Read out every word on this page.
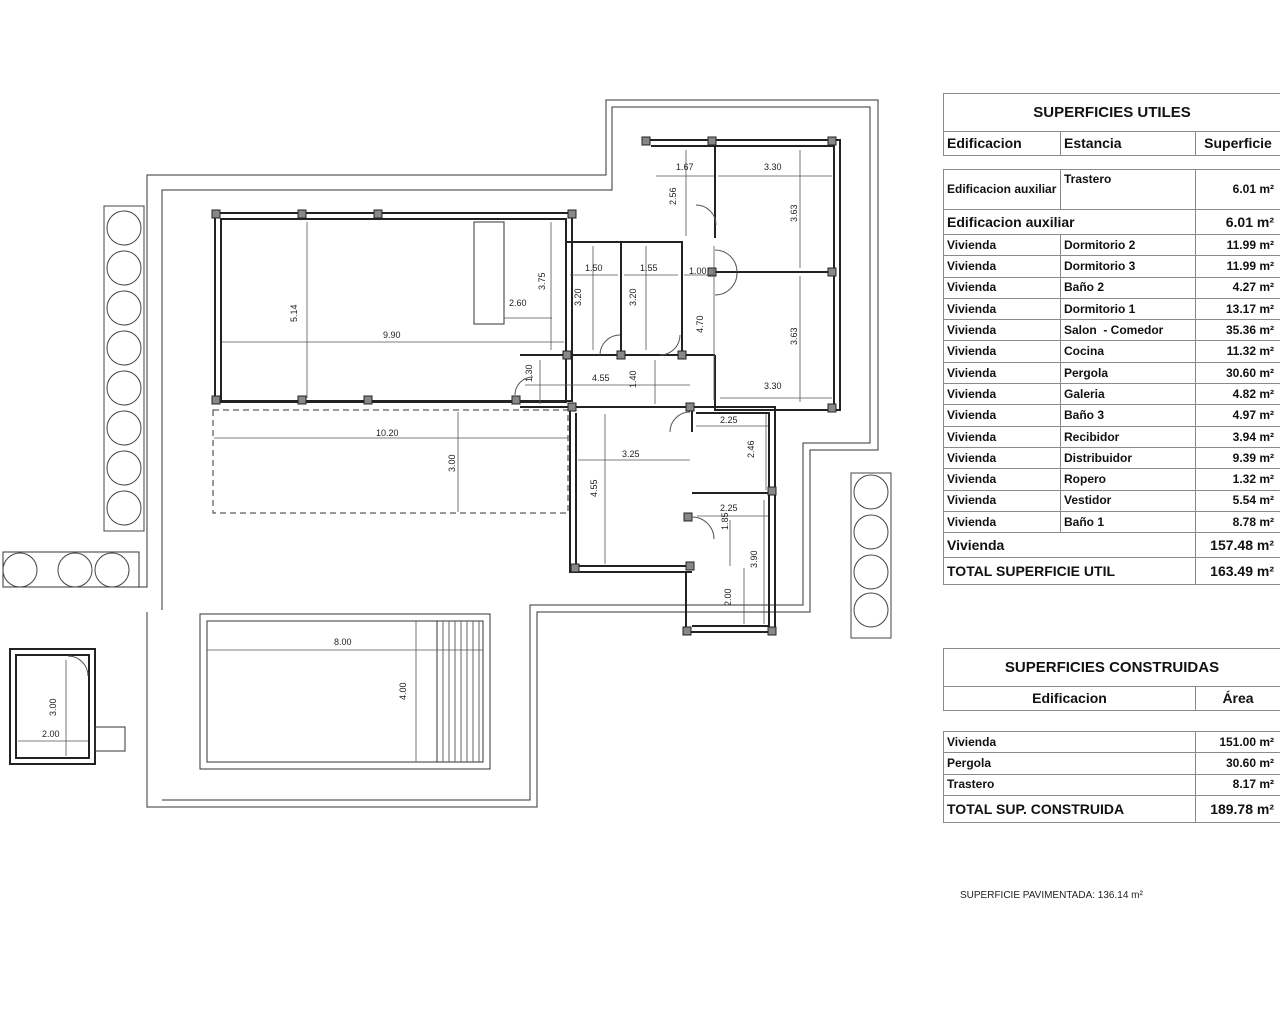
1.67	3.30
2.56
3.63
1.50	1.55	1.00
3.20	3.20
4.70
3.75
2.60
5.14
9.90	3.63
3.30
1.30	4.55 1.40
10.20
3.00
2.25
2.46
3.25
4.55
2.25
1.85
3.90
2.00
8.00
4.00
3.00
2.00
SUPERFICIES UTILES		
Edificacion	Estancia	Superficie

Edificacion auxiliar	Trastero	6.01 m²
Edificacion auxiliar		6.01 m²
Vivienda	Dormitorio 2	11.99 m²
Vivienda	Dormitorio 3	11.99 m²
Vivienda	Baño 2	4.27 m²
Vivienda	Dormitorio 1	13.17 m²
Vivienda	Salon  - Comedor	35.36 m²
Vivienda	Cocina	11.32 m²
Vivienda	Pergola	30.60 m²
Vivienda	Galeria	4.82 m²
Vivienda	Baño 3	4.97 m²
Vivienda	Recibidor	3.94 m²
Vivienda	Distribuidor	9.39 m²
Vivienda	Ropero	1.32 m²
Vivienda	Vestidor	5.54 m²
Vivienda	Baño 1	8.78 m²
Vivienda		157.48 m²
TOTAL SUPERFICIE UTIL		163.49 m²
SUPERFICIES CONSTRUIDAS	
Edificacion	Área

Vivienda	151.00 m²
Pergola	30.60 m²
Trastero	8.17 m²
TOTAL SUP. CONSTRUIDA	189.78 m²
SUPERFICIE PAVIMENTADA: 136.14 m²
